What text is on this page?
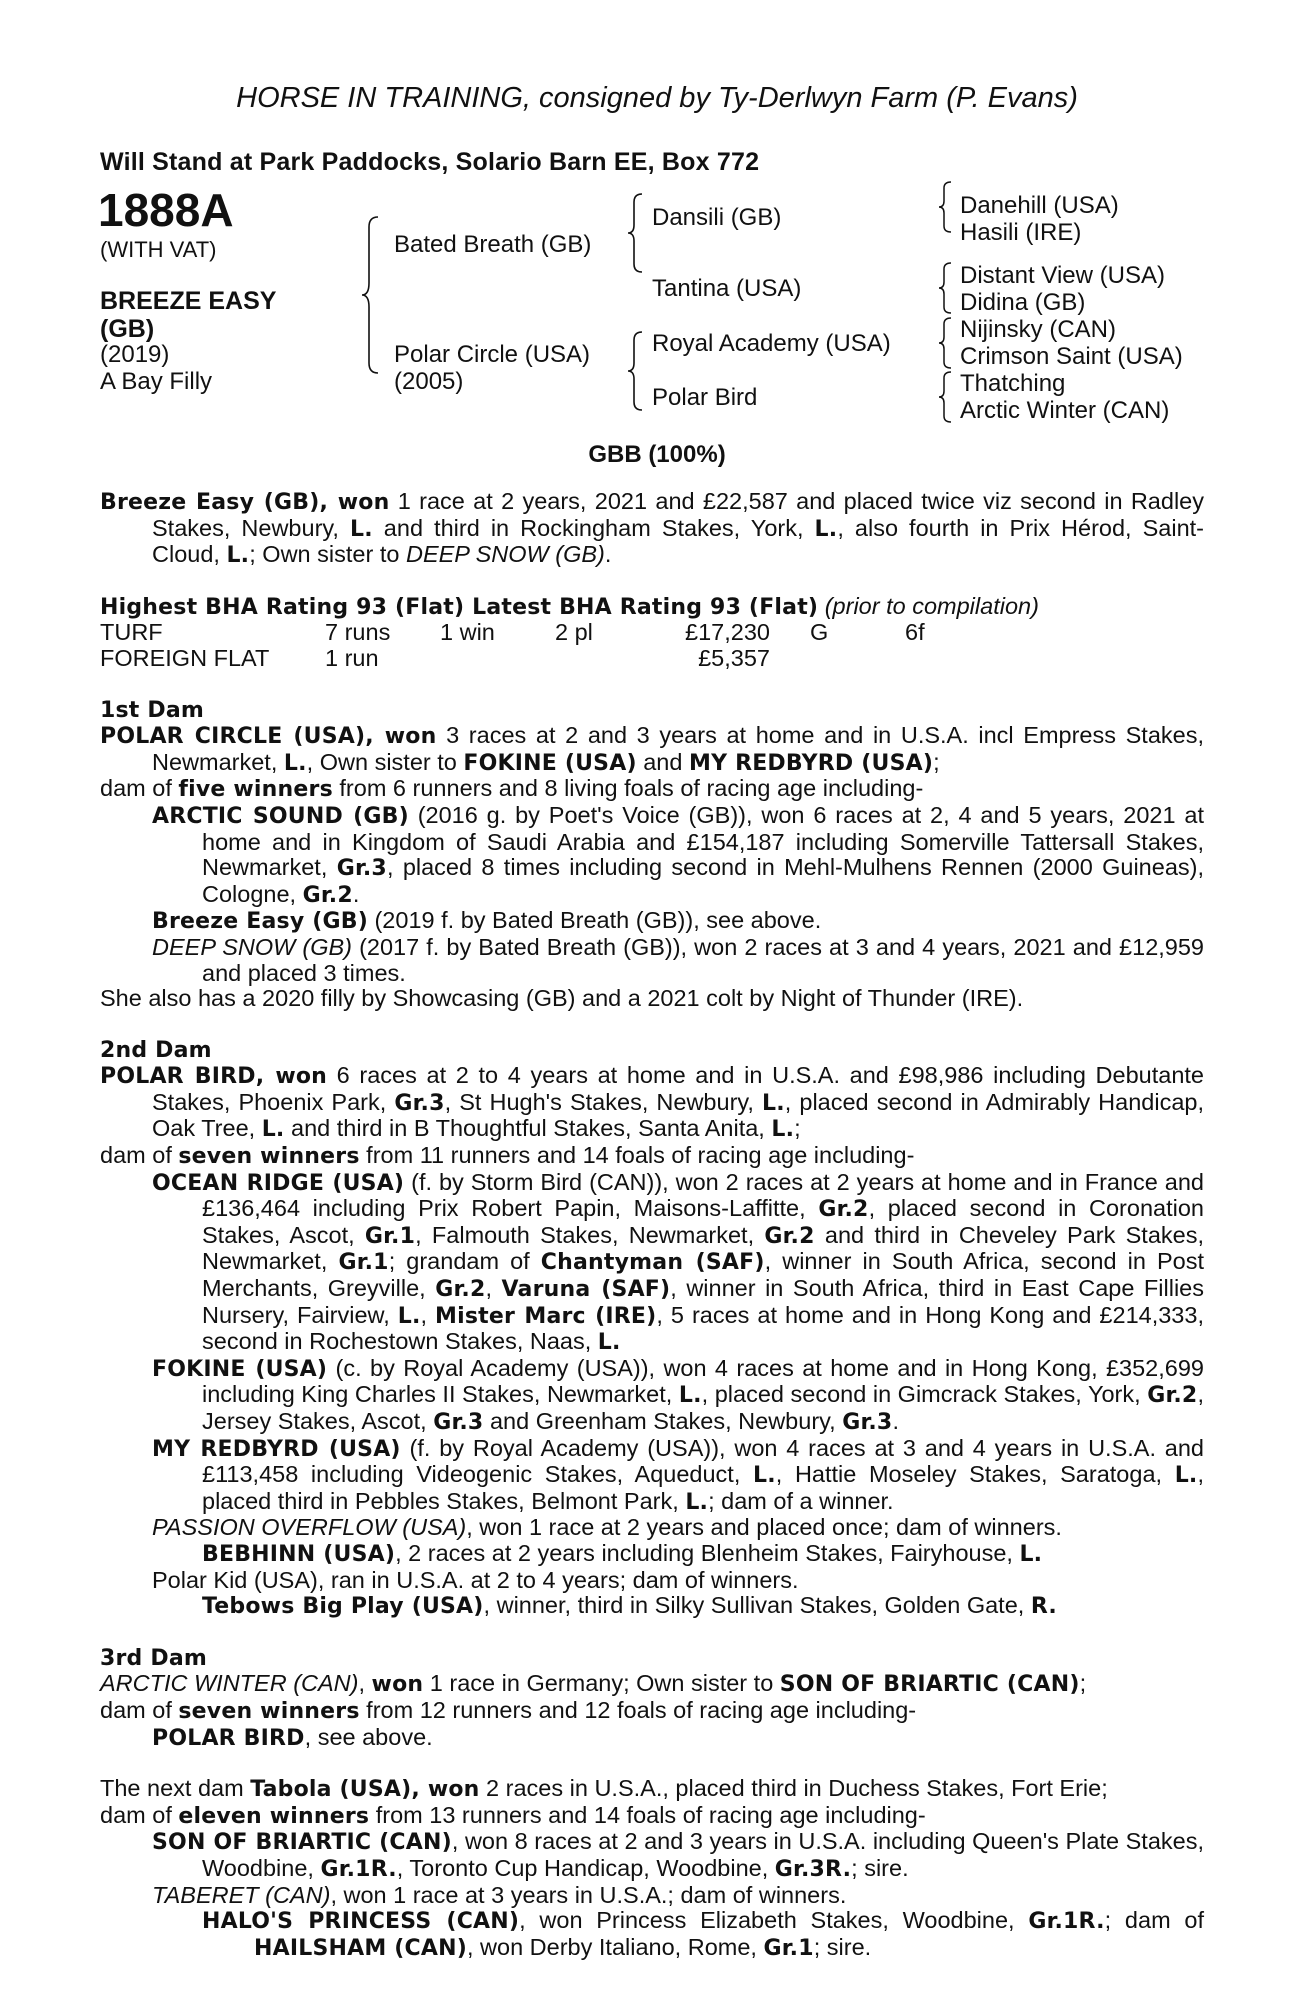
HORSE IN TRAINING, consigned by Ty-Derlwyn Farm (P. Evans)
Will Stand at Park Paddocks, Solario Barn EE, Box 772
1888A
(WITH VAT)
BREEZE EASY
(GB)
(2019)
A Bay Filly
Bated Breath (GB)
Polar Circle (USA)
(2005)
Dansili (GB)
Tantina (USA)
Royal Academy (USA)
Polar Bird
Danehill (USA)
Hasili (IRE)
Distant View (USA)
Didina (GB)
Nijinsky (CAN)
Crimson Saint (USA)
Thatching
Arctic Winter (CAN)
GBB (100%)

Breeze Easy (GB), won 1 race at 2 years, 2021 and £22,587 and placed twice viz second in Radley Stakes, Newbury, L. and third in Rockingham Stakes, York, L., also fourth in Prix Hérod, Saint-Cloud, L.; Own sister to DEEP SNOW (GB).

Highest BHA Rating 93 (Flat) Latest BHA Rating 93 (Flat) (prior to compilation)
TURF	7 runs	1 win	2 pl	£17,230	G	6f
FOREIGN FLAT	1 run	£5,357

1st Dam

POLAR CIRCLE (USA), won 3 races at 2 and 3 years at home and in U.S.A. incl Empress Stakes, Newmarket, L., Own sister to FOKINE (USA) and MY REDBYRD (USA);

dam of five winners from 6 runners and 8 living foals of racing age including-

ARCTIC SOUND (GB) (2016 g. by Poet's Voice (GB)), won 6 races at 2, 4 and 5 years, 2021 at home and in Kingdom of Saudi Arabia and £154,187 including Somerville Tattersall Stakes, Newmarket, Gr.3, placed 8 times including second in Mehl-Mulhens Rennen (2000 Guineas), Cologne, Gr.2.

Breeze Easy (GB) (2019 f. by Bated Breath (GB)), see above.

DEEP SNOW (GB) (2017 f. by Bated Breath (GB)), won 2 races at 3 and 4 years, 2021 and £12,959 and placed 3 times.

She also has a 2020 filly by Showcasing (GB) and a 2021 colt by Night of Thunder (IRE).

2nd Dam

POLAR BIRD, won 6 races at 2 to 4 years at home and in U.S.A. and £98,986 including Debutante Stakes, Phoenix Park, Gr.3, St Hugh's Stakes, Newbury, L., placed second in Admirably Handicap, Oak Tree, L. and third in B Thoughtful Stakes, Santa Anita, L.;

dam of seven winners from 11 runners and 14 foals of racing age including-

OCEAN RIDGE (USA) (f. by Storm Bird (CAN)), won 2 races at 2 years at home and in France and £136,464 including Prix Robert Papin, Maisons-Laffitte, Gr.2, placed second in Coronation Stakes, Ascot, Gr.1, Falmouth Stakes, Newmarket, Gr.2 and third in Cheveley Park Stakes, Newmarket, Gr.1; grandam of Chantyman (SAF), winner in South Africa, second in Post Merchants, Greyville, Gr.2, Varuna (SAF), winner in South Africa, third in East Cape Fillies Nursery, Fairview, L., Mister Marc (IRE), 5 races at home and in Hong Kong and £214,333, second in Rochestown Stakes, Naas, L.

FOKINE (USA) (c. by Royal Academy (USA)), won 4 races at home and in Hong Kong, £352,699 including King Charles II Stakes, Newmarket, L., placed second in Gimcrack Stakes, York, Gr.2, Jersey Stakes, Ascot, Gr.3 and Greenham Stakes, Newbury, Gr.3.

MY REDBYRD (USA) (f. by Royal Academy (USA)), won 4 races at 3 and 4 years in U.S.A. and £113,458 including Videogenic Stakes, Aqueduct, L., Hattie Moseley Stakes, Saratoga, L., placed third in Pebbles Stakes, Belmont Park, L.; dam of a winner.

PASSION OVERFLOW (USA), won 1 race at 2 years and placed once; dam of winners.

BEBHINN (USA), 2 races at 2 years including Blenheim Stakes, Fairyhouse, L.

Polar Kid (USA), ran in U.S.A. at 2 to 4 years; dam of winners.

Tebows Big Play (USA), winner, third in Silky Sullivan Stakes, Golden Gate, R.

3rd Dam

ARCTIC WINTER (CAN), won 1 race in Germany; Own sister to SON OF BRIARTIC (CAN);

dam of seven winners from 12 runners and 12 foals of racing age including-

POLAR BIRD, see above.

The next dam Tabola (USA), won 2 races in U.S.A., placed third in Duchess Stakes, Fort Erie;

dam of eleven winners from 13 runners and 14 foals of racing age including-

SON OF BRIARTIC (CAN), won 8 races at 2 and 3 years in U.S.A. including Queen's Plate Stakes, Woodbine, Gr.1R., Toronto Cup Handicap, Woodbine, Gr.3R.; sire.

TABERET (CAN), won 1 race at 3 years in U.S.A.; dam of winners.

HALO'S PRINCESS (CAN), won Princess Elizabeth Stakes, Woodbine, Gr.1R.; dam of HAILSHAM (CAN), won Derby Italiano, Rome, Gr.1; sire.
